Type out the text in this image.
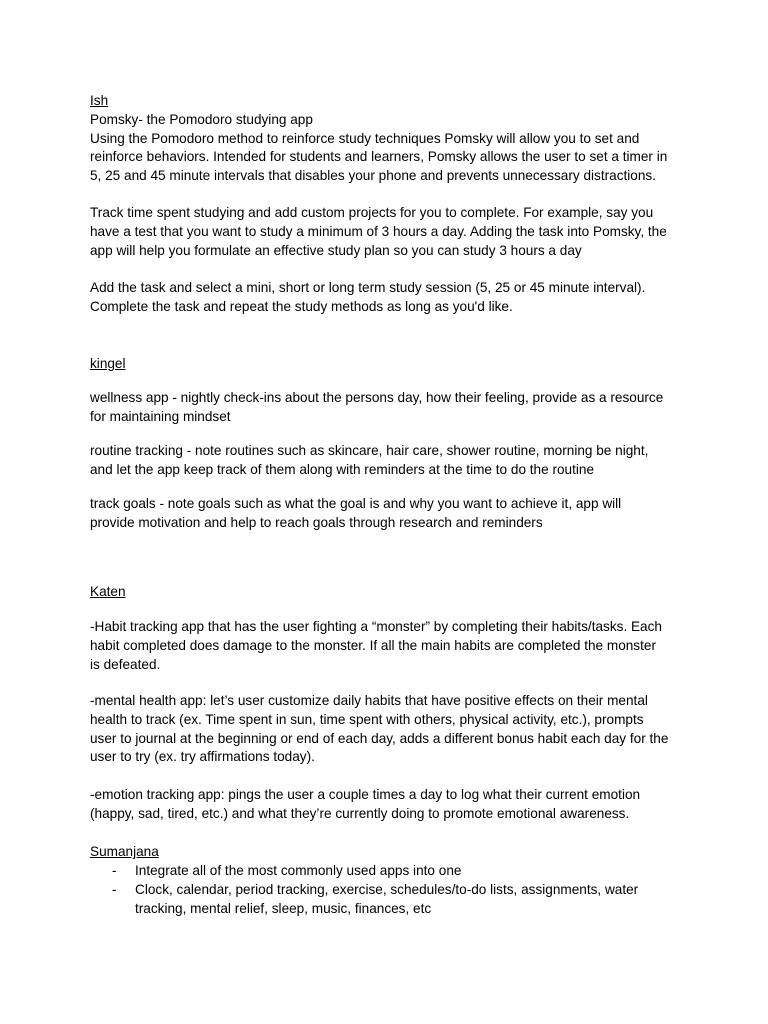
Ish

Pomsky- the Pomodoro studying app

Using the Pomodoro method to reinforce study techniques Pomsky will allow you to set and
reinforce behaviors. Intended for students and learners, Pomsky allows the user to set a timer in
5, 25 and 45 minute intervals that disables your phone and prevents unnecessary distractions.

Track time spent studying and add custom projects for you to complete. For example, say you
have a test that you want to study a minimum of 3 hours a day. Adding the task into Pomsky, the
app will help you formulate an effective study plan so you can study 3 hours a day
Add the task and select a mini, short or long term study session (5, 25 or 45 minute interval).
Complete the task and repeat the study methods as long as you'd like.

kingel

wellness app - nightly check-ins about the persons day, how their feeling, provide as a resource
for maintaining mindset
routine tracking - note routines such as skincare, hair care, shower routine, morning be night,
and let the app keep track of them along with reminders at the time to do the routine
track goals - note goals such as what the goal is and why you want to achieve it, app will
provide motivation and help to reach goals through research and reminders

Katen

-Habit tracking app that has the user fighting a “monster” by completing their habits/tasks. Each
habit completed does damage to the monster. If all the main habits are completed the monster
is defeated.
-mental health app: let’s user customize daily habits that have positive effects on their mental
health to track (ex. Time spent in sun, time spent with others, physical activity, etc.), prompts
user to journal at the beginning or end of each day, adds a different bonus habit each day for the
user to try (ex. try affirmations today).
-emotion tracking app: pings the user a couple times a day to log what their current emotion
(happy, sad, tired, etc.) and what they’re currently doing to promote emotional awareness.

Sumanjana

- Integrate all of the most commonly used apps into one
- Clock, calendar, period tracking, exercise, schedules/to-do lists, assignments, water
tracking, mental relief, sleep, music, finances, etc
